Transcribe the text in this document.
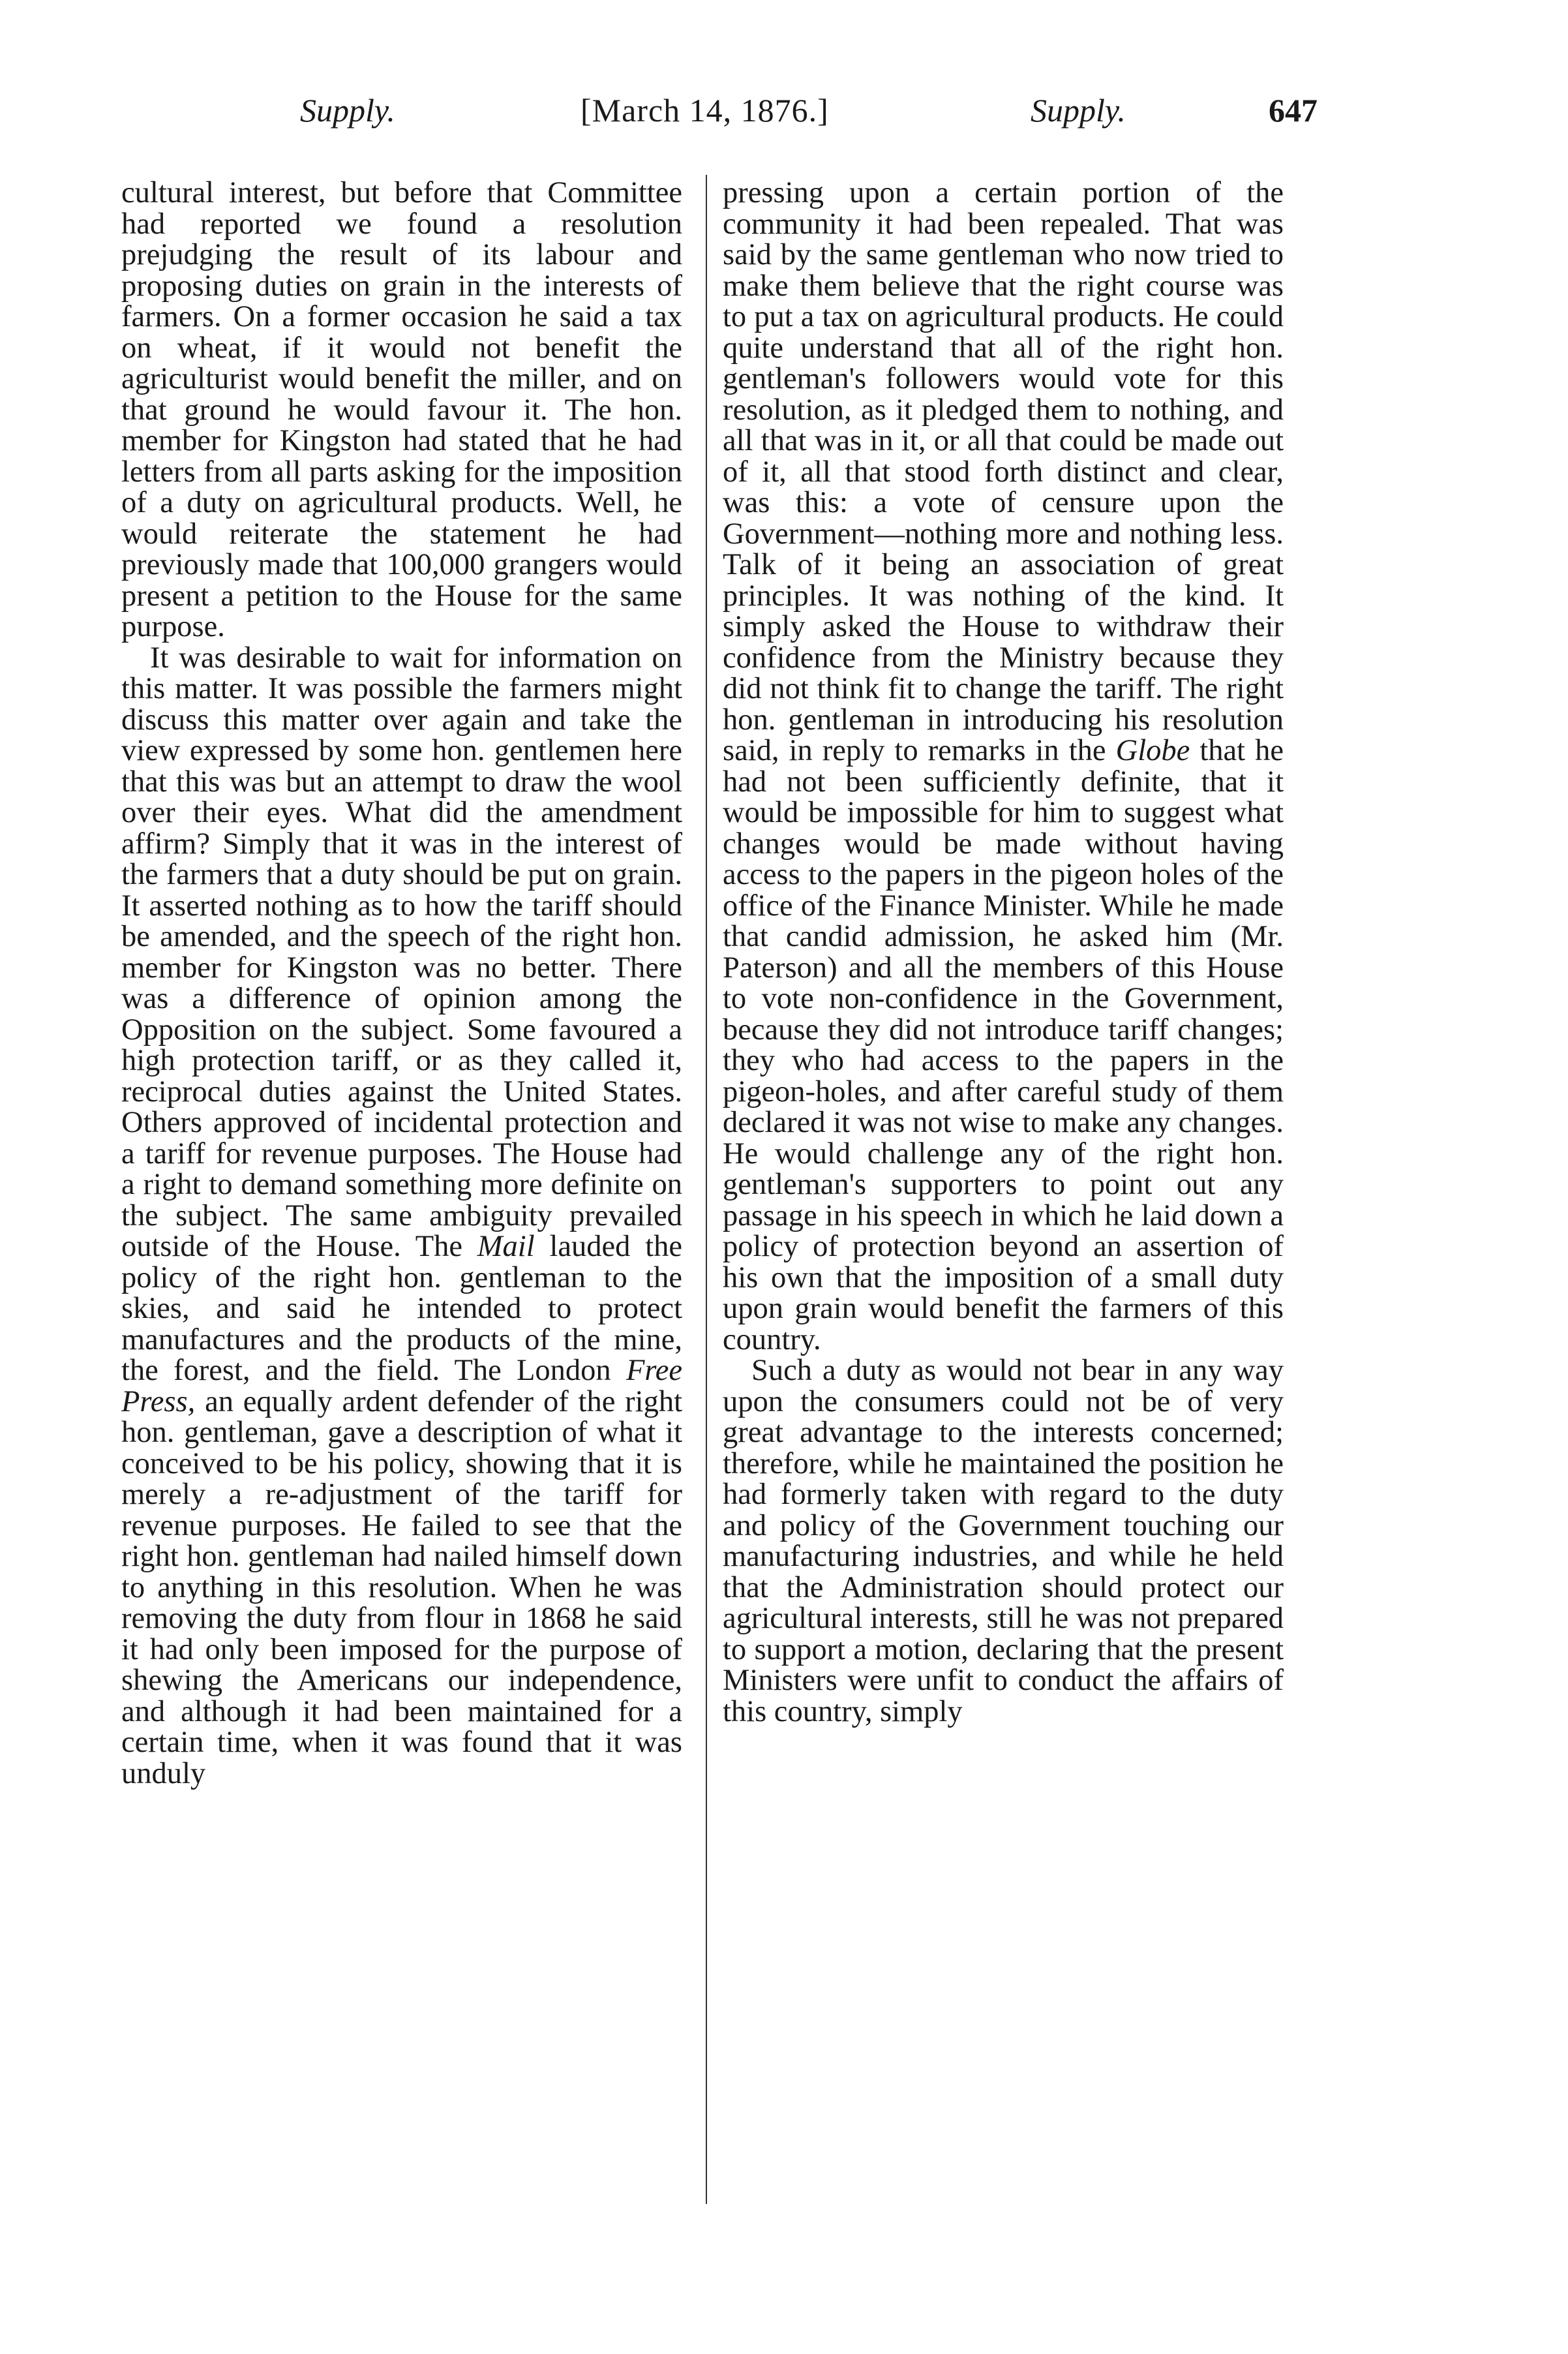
Supply.	[March 14, 1876.]	Supply.	647

cultural interest, but before that Committee had reported we found a resolution prejudging the result of its labour and proposing duties on grain in the interests of farmers. On a former occasion he said a tax on wheat, if it would not benefit the agriculturist would benefit the miller, and on that ground he would favour it. The hon. member for Kingston had stated that he had letters from all parts asking for the imposition of a duty on agricultural products. Well, he would reiterate the statement he had previously made that 100,000 grangers would present a petition to the House for the same purpose.

It was desirable to wait for information on this matter. It was possible the farmers might discuss this matter over again and take the view expressed by some hon. gentlemen here that this was but an attempt to draw the wool over their eyes. What did the amendment affirm? Simply that it was in the interest of the farmers that a duty should be put on grain. It asserted nothing as to how the tariff should be amended, and the speech of the right hon. member for Kingston was no better. There was a difference of opinion among the Opposition on the subject. Some favoured a high protection tariff, or as they called it, reciprocal duties against the United States. Others approved of incidental protection and a tariff for revenue purposes. The House had a right to demand something more definite on the subject. The same ambiguity prevailed outside of the House. The Mail lauded the policy of the right hon. gentleman to the skies, and said he intended to protect manufactures and the products of the mine, the forest, and the field. The London Free Press, an equally ardent defender of the right hon. gentleman, gave a description of what it conceived to be his policy, showing that it is merely a re-adjustment of the tariff for revenue purposes. He failed to see that the right hon. gentleman had nailed himself down to anything in this resolution. When he was removing the duty from flour in 1868 he said it had only been imposed for the purpose of shewing the Americans our independence, and although it had been maintained for a certain time, when it was found that it was unduly

pressing upon a certain portion of the community it had been repealed. That was said by the same gentleman who now tried to make them believe that the right course was to put a tax on agricultural products. He could quite understand that all of the right hon. gentleman's followers would vote for this resolution, as it pledged them to nothing, and all that was in it, or all that could be made out of it, all that stood forth distinct and clear, was this: a vote of censure upon the Government—nothing more and nothing less. Talk of it being an association of great principles. It was nothing of the kind. It simply asked the House to withdraw their confidence from the Ministry because they did not think fit to change the tariff. The right hon. gentleman in introducing his resolution said, in reply to remarks in the Globe that he had not been sufficiently definite, that it would be impossible for him to suggest what changes would be made without having access to the papers in the pigeon holes of the office of the Finance Minister. While he made that candid admission, he asked him (Mr. Paterson) and all the members of this House to vote non-confidence in the Government, because they did not introduce tariff changes; they who had access to the papers in the pigeon-holes, and after careful study of them declared it was not wise to make any changes. He would challenge any of the right hon. gentleman's supporters to point out any passage in his speech in which he laid down a policy of protection beyond an assertion of his own that the imposition of a small duty upon grain would benefit the farmers of this country.

Such a duty as would not bear in any way upon the consumers could not be of very great advantage to the interests concerned; therefore, while he maintained the position he had formerly taken with regard to the duty and policy of the Government touching our manufacturing industries, and while he held that the Administration should protect our agricultural interests, still he was not prepared to support a motion, declaring that the present Ministers were unfit to conduct the affairs of this country, simply
